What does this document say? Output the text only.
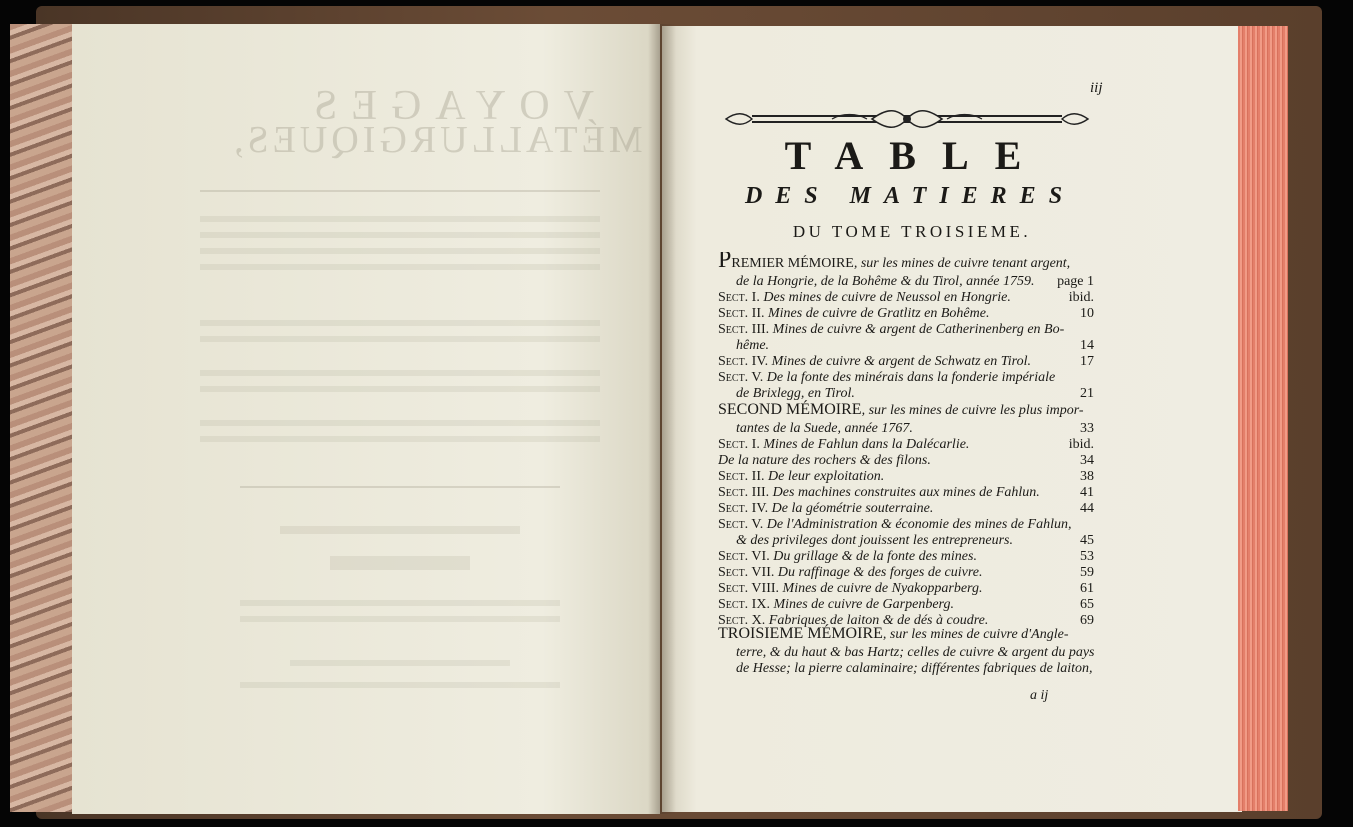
VOYAGES
MÉTALLURGIQUES,
iij
TABLE
DES MATIERES
DU TOME TROISIEME.
PREMIER MÉMOIRE, sur les mines de cuivre tenant argent,
de la Hongrie, de la Bohême & du Tirol, année 1759.	page 1
Sect. I. Des mines de cuivre de Neussol en Hongrie.	ibid.
Sect. II. Mines de cuivre de Gratlitz en Bohême.	10
Sect. III. Mines de cuivre & argent de Catherinenberg en Bo-
hême.	14
Sect. IV. Mines de cuivre & argent de Schwatz en Tirol.	17
Sect. V. De la fonte des minérais dans la fonderie impériale
de Brixlegg, en Tirol.	21
SECOND MÉMOIRE, sur les mines de cuivre les plus impor-
tantes de la Suede, année 1767.	33
Sect. I. Mines de Fahlun dans la Dalécarlie.	ibid.
De la nature des rochers & des filons.	34
Sect. II. De leur exploitation.	38
Sect. III. Des machines construites aux mines de Fahlun.	41
Sect. IV. De la géométrie souterraine.	44
Sect. V. De l'Administration & économie des mines de Fahlun,
& des privileges dont jouissent les entrepreneurs.	45
Sect. VI. Du grillage & de la fonte des mines.	53
Sect. VII. Du raffinage & des forges de cuivre.	59
Sect. VIII. Mines de cuivre de Nyakopparberg.	61
Sect. IX. Mines de cuivre de Garpenberg.	65
Sect. X. Fabriques de laiton & de dés à coudre.	69
TROISIEME MÉMOIRE, sur les mines de cuivre d'Angle-
terre, & du haut & bas Hartz; celles de cuivre & argent du pays
de Hesse; la pierre calaminaire; différentes fabriques de laiton,
a ij
